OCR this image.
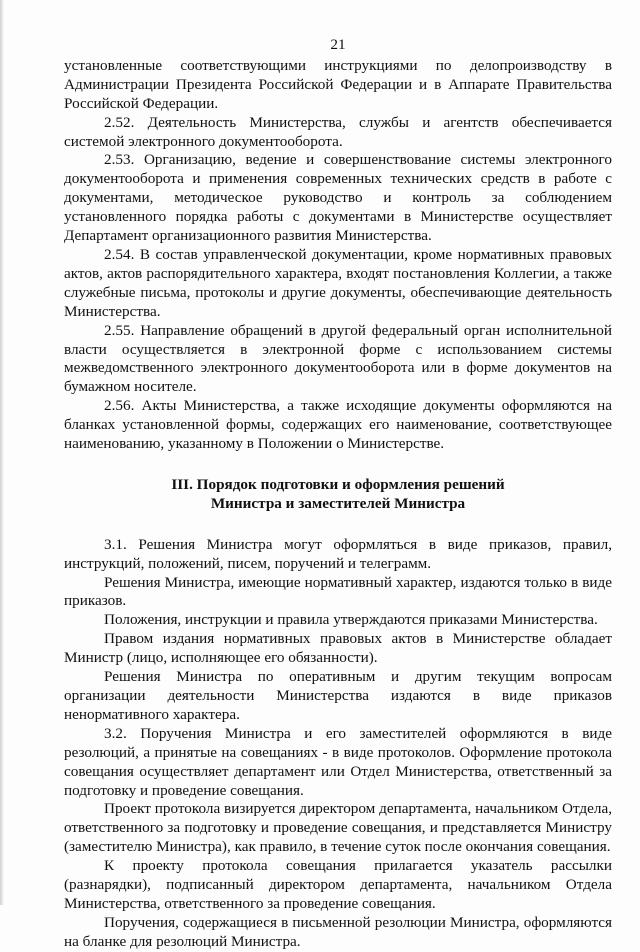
21

установленные соответствующими инструкциями по делопроизводству в Администрации Президента Российской Федерации и в Аппарате Правительства Российской Федерации.

2.52. Деятельность Министерства, службы и агентств обеспечивается системой электронного документооборота.

2.53. Организацию, ведение и совершенствование системы электронного документооборота и применения современных технических средств в работе с документами, методическое руководство и контроль за соблюдением установленного порядка работы с документами в Министерстве осуществляет Департамент организационного развития Министерства.

2.54. В состав управленческой документации, кроме нормативных правовых актов, актов распорядительного характера, входят постановления Коллегии, а также служебные письма, протоколы и другие документы, обеспечивающие деятельность Министерства.

2.55. Направление обращений в другой федеральный орган исполнительной власти осуществляется в электронной форме с использованием системы межведомственного электронного документооборота или в форме документов на бумажном носителе.

2.56. Акты Министерства, а также исходящие документы оформляются на бланках установленной формы, содержащих его наименование, соответствующее наименованию, указанному в Положении о Министерстве.

III. Порядок подготовки и оформления решений
Министра и заместителей Министра

3.1. Решения Министра могут оформляться в виде приказов, правил, инструкций, положений, писем, поручений и телеграмм.

Решения Министра, имеющие нормативный характер, издаются только в виде приказов.

Положения, инструкции и правила утверждаются приказами Министерства.

Правом издания нормативных правовых актов в Министерстве обладает Министр (лицо, исполняющее его обязанности).

Решения Министра по оперативным и другим текущим вопросам организации деятельности Министерства издаются в виде приказов ненормативного характера.

3.2. Поручения Министра и его заместителей оформляются в виде резолюций, а принятые на совещаниях - в виде протоколов. Оформление протокола совещания осуществляет департамент или Отдел Министерства, ответственный за подготовку и проведение совещания.

Проект протокола визируется директором департамента, начальником Отдела, ответственного за подготовку и проведение совещания, и представляется Министру (заместителю Министра), как правило, в течение суток после окончания совещания.

К проекту протокола совещания прилагается указатель рассылки (разнарядки), подписанный директором департамента, начальником Отдела Министерства, ответственного за проведение совещания.

Поручения, содержащиеся в письменной резолюции Министра, оформляются на бланке для резолюций Министра.
